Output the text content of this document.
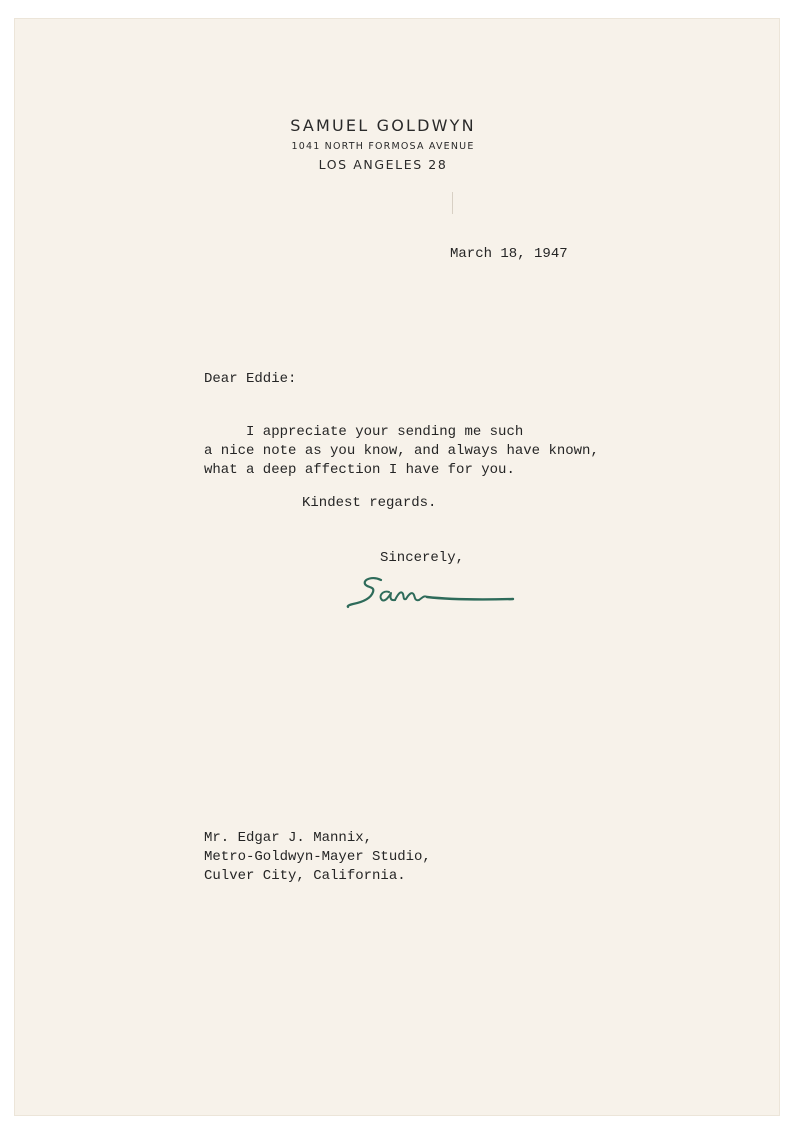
SAMUEL GOLDWYN
1041 NORTH FORMOSA AVENUE
LOS ANGELES 28
March 18, 1947
Dear Eddie:
I appreciate your sending me such
a nice note as you know, and always have known,
what a deep affection I have for you.
Kindest regards.
Sincerely,
Mr. Edgar J. Mannix,
Metro-Goldwyn-Mayer Studio,
Culver City, California.
